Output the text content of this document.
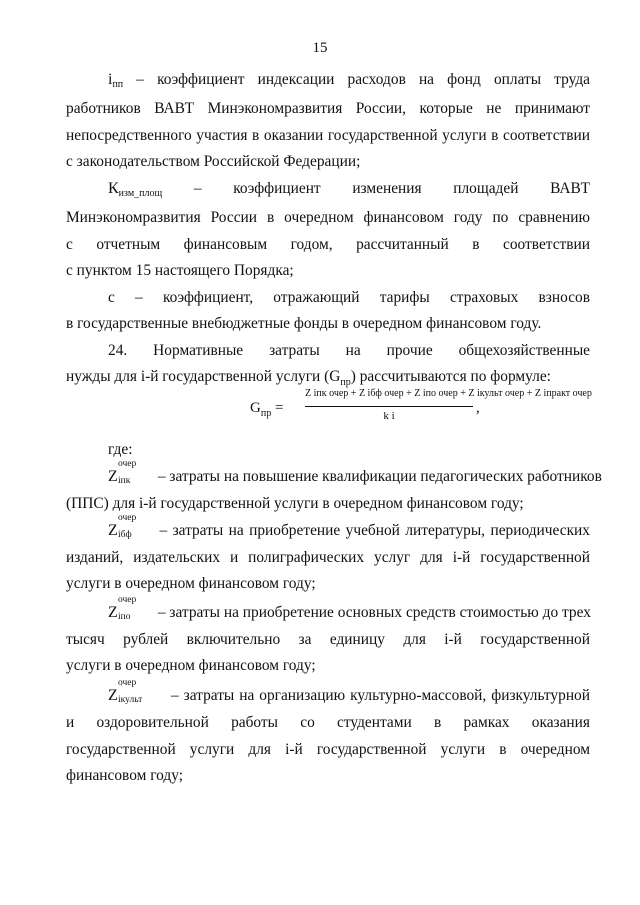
15
$i_{пп}$ – коэффициент индексации расходов на фонд оплаты труда
работников ВАВТ Минэкономразвития России, которые не принимают
непосредственного участия в оказании государственной услуги в соответствии
с законодательством Российской Федерации;
$К_{изм\_площ}$ – коэффициент изменения площадей ВАВТ
Минэкономразвития России в очередном финансовом году по сравнению
с отчетным финансовым годом, рассчитанный в соответствии
с пунктом 15 настоящего Порядка;
с – коэффициент, отражающий тарифы страховых взносов
в государственные внебюджетные фонды в очередном финансовом году.
24. Нормативные затраты на прочие общехозяйственные
нужды для i-й государственной услуги $(G_{пр})$ рассчитываются по формуле:
$G_{пр}$ =
Z iпк очер + Z iбф очер + Z iпо очер + Z iкульт очер + Z iпракт очер
k i	,
где:
Z
очер
iпк – затраты на повышение квалификации педагогических работников
(ППС) для i-й государственной услуги в очередном финансовом году;
Z
очер
iбф – затраты на приобретение учебной литературы, периодических
изданий, издательских и полиграфических услуг для i-й государственной
услуги в очередном финансовом году;
Z
очер
iпо – затраты на приобретение основных средств стоимостью до трех
тысяч рублей включительно за единицу для i-й государственной
услуги в очередном финансовом году;
Z
очер
iкульт – затраты на организацию культурно-массовой, физкультурной
и оздоровительной работы со студентами в рамках оказания
государственной услуги для i-й государственной услуги в очередном
финансовом году;
